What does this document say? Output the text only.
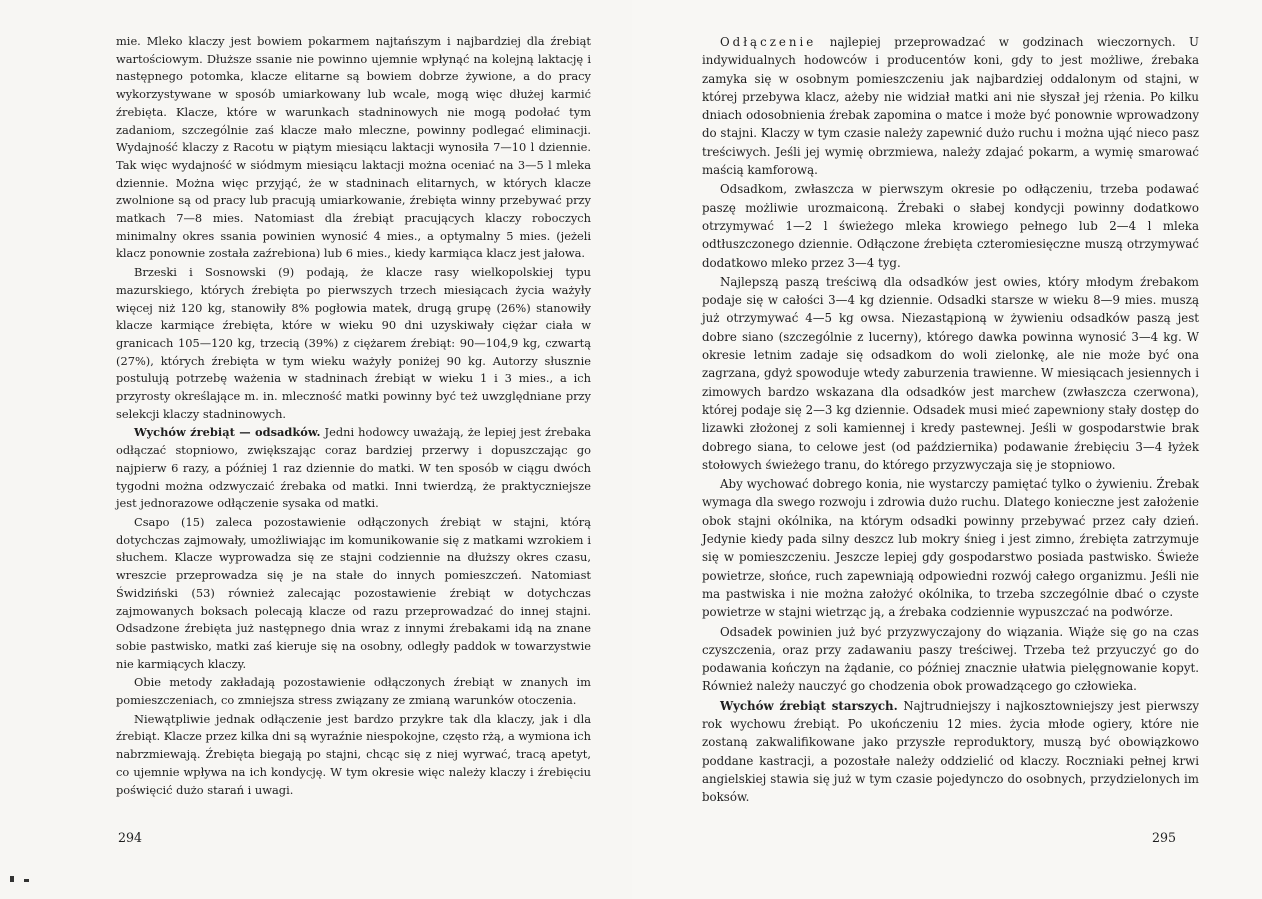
mie. Mleko klaczy jest bowiem pokarmem najtańszym i najbardziej dla źrebiąt wartościowym. Dłuższe ssanie nie powinno ujemnie wpłynąć na kolejną laktację i następnego potomka, klacze elitarne są bowiem dobrze żywione, a do pracy wykorzystywane w sposób umiarkowany lub wcale, mogą więc dłużej karmić źrebięta. Klacze, które w warunkach stadninowych nie mogą podołać tym zadaniom, szczególnie zaś klacze mało mleczne, powinny podlegać eliminacji. Wydajność klaczy z Racotu w piątym miesiącu laktacji wynosiła 7—10 l dziennie. Tak więc wydajność w siódmym miesiącu laktacji można oceniać na 3—5 l mleka dziennie. Można więc przyjąć, że w stadninach elitarnych, w których klacze zwolnione są od pracy lub pracują umiarkowanie, źrebięta winny przebywać przy matkach 7—8 mies. Natomiast dla źrebiąt pracujących klaczy roboczych minimalny okres ssania powinien wynosić 4 mies., a optymalny 5 mies. (jeżeli klacz ponownie została zaźrebiona) lub 6 mies., kiedy karmiąca klacz jest jałowa.

Brzeski i Sosnowski (9) podają, że klacze rasy wielkopolskiej typu mazurskiego, których źrebięta po pierwszych trzech miesiącach życia ważyły więcej niż 120 kg, stanowiły 8% pogłowia matek, drugą grupę (26%) stanowiły klacze karmiące źrebięta, które w wieku 90 dni uzyskiwały ciężar ciała w granicach 105—120 kg, trzecią (39%) z ciężarem źrebiąt: 90—104,9 kg, czwartą (27%), których źrebięta w tym wieku ważyły poniżej 90 kg. Autorzy słusznie postulują potrzebę ważenia w stadninach źrebiąt w wieku 1 i 3 mies., a ich przyrosty określające m. in. mleczność matki powinny być też uwzględniane przy selekcji klaczy stadninowych.

Wychów źrebiąt — odsadków. Jedni hodowcy uważają, że lepiej jest źrebaka odłączać stopniowo, zwiększając coraz bardziej przerwy i dopuszczając go najpierw 6 razy, a później 1 raz dziennie do matki. W ten sposób w ciągu dwóch tygodni można odzwyczaić źrebaka od matki. Inni twierdzą, że praktyczniejsze jest jednorazowe odłączenie sysaka od matki.

Csapo (15) zaleca pozostawienie odłączonych źrebiąt w stajni, którą dotychczas zajmowały, umożliwiając im komunikowanie się z matkami wzrokiem i słuchem. Klacze wyprowadza się ze stajni codziennie na dłuższy okres czasu, wreszcie przeprowadza się je na stałe do innych pomieszczeń. Natomiast Świdziński (53) również zalecając pozostawienie źrebiąt w dotychczas zajmowanych boksach polecają klacze od razu przeprowadzać do innej stajni. Odsadzone źrebięta już następnego dnia wraz z innymi źrebakami idą na znane sobie pastwisko, matki zaś kieruje się na osobny, odległy paddok w towarzystwie nie karmiących klaczy.

Obie metody zakładają pozostawienie odłączonych źrebiąt w znanych im pomieszczeniach, co zmniejsza stress związany ze zmianą warunków otoczenia.

Niewątpliwie jednak odłączenie jest bardzo przykre tak dla klaczy, jak i dla źrebiąt. Klacze przez kilka dni są wyraźnie niespokojne, często rżą, a wymiona ich nabrzmiewają. Źrebięta biegają po stajni, chcąc się z niej wyrwać, tracą apetyt, co ujemnie wpływa na ich kondycję. W tym okresie więc należy klaczy i źrebięciu poświęcić dużo starań i uwagi.

294

Odłączenie najlepiej przeprowadzać w godzinach wieczornych. U indywidualnych hodowców i producentów koni, gdy to jest możliwe, źrebaka zamyka się w osobnym pomieszczeniu jak najbardziej oddalonym od stajni, w której przebywa klacz, ażeby nie widział matki ani nie słyszał jej rżenia. Po kilku dniach odosobnienia źrebak zapomina o matce i może być ponownie wprowadzony do stajni. Klaczy w tym czasie należy zapewnić dużo ruchu i można ująć nieco pasz treściwych. Jeśli jej wymię obrzmiewa, należy zdajać pokarm, a wymię smarować maścią kamforową.

Odsadkom, zwłaszcza w pierwszym okresie po odłączeniu, trzeba podawać paszę możliwie urozmaiconą. Źrebaki o słabej kondycji powinny dodatkowo otrzymywać 1—2 l świeżego mleka krowiego pełnego lub 2—4 l mleka odtłuszczonego dziennie. Odłączone źrebięta czteromiesięczne muszą otrzymywać dodatkowo mleko przez 3—4 tyg.

Najlepszą paszą treściwą dla odsadków jest owies, który młodym źrebakom podaje się w całości 3—4 kg dziennie. Odsadki starsze w wieku 8—9 mies. muszą już otrzymywać 4—5 kg owsa. Niezastąpioną w żywieniu odsadków paszą jest dobre siano (szczególnie z lucerny), którego dawka powinna wynosić 3—4 kg. W okresie letnim zadaje się odsadkom do woli zielonkę, ale nie może być ona zagrzana, gdyż spowoduje wtedy zaburzenia trawienne. W miesiącach jesiennych i zimowych bardzo wskazana dla odsadków jest marchew (zwłaszcza czerwona), której podaje się 2—3 kg dziennie. Odsadek musi mieć zapewniony stały dostęp do lizawki złożonej z soli kamiennej i kredy pastewnej. Jeśli w gospodarstwie brak dobrego siana, to celowe jest (od października) podawanie źrebięciu 3—4 łyżek stołowych świeżego tranu, do którego przyzwyczaja się je stopniowo.

Aby wychować dobrego konia, nie wystarczy pamiętać tylko o żywieniu. Źrebak wymaga dla swego rozwoju i zdrowia dużo ruchu. Dlatego konieczne jest założenie obok stajni okólnika, na którym odsadki powinny przebywać przez cały dzień. Jedynie kiedy pada silny deszcz lub mokry śnieg i jest zimno, źrebięta zatrzymuje się w pomieszczeniu. Jeszcze lepiej gdy gospodarstwo posiada pastwisko. Świeże powietrze, słońce, ruch zapewniają odpowiedni rozwój całego organizmu. Jeśli nie ma pastwiska i nie można założyć okólnika, to trzeba szczególnie dbać o czyste powietrze w stajni wietrząc ją, a źrebaka codziennie wypuszczać na podwórze.

Odsadek powinien już być przyzwyczajony do wiązania. Wiąże się go na czas czyszczenia, oraz przy zadawaniu paszy treściwej. Trzeba też przyuczyć go do podawania kończyn na żądanie, co później znacznie ułatwia pielęgnowanie kopyt. Również należy nauczyć go chodzenia obok prowadzącego go człowieka.

Wychów źrebiąt starszych. Najtrudniejszy i najkosztowniejszy jest pierwszy rok wychowu źrebiąt. Po ukończeniu 12 mies. życia młode ogiery, które nie zostaną zakwalifikowane jako przyszłe reproduktory, muszą być obowiązkowo poddane kastracji, a pozostałe należy oddzielić od klaczy. Roczniaki pełnej krwi angielskiej stawia się już w tym czasie pojedynczo do osobnych, przydzielonych im boksów.

295
